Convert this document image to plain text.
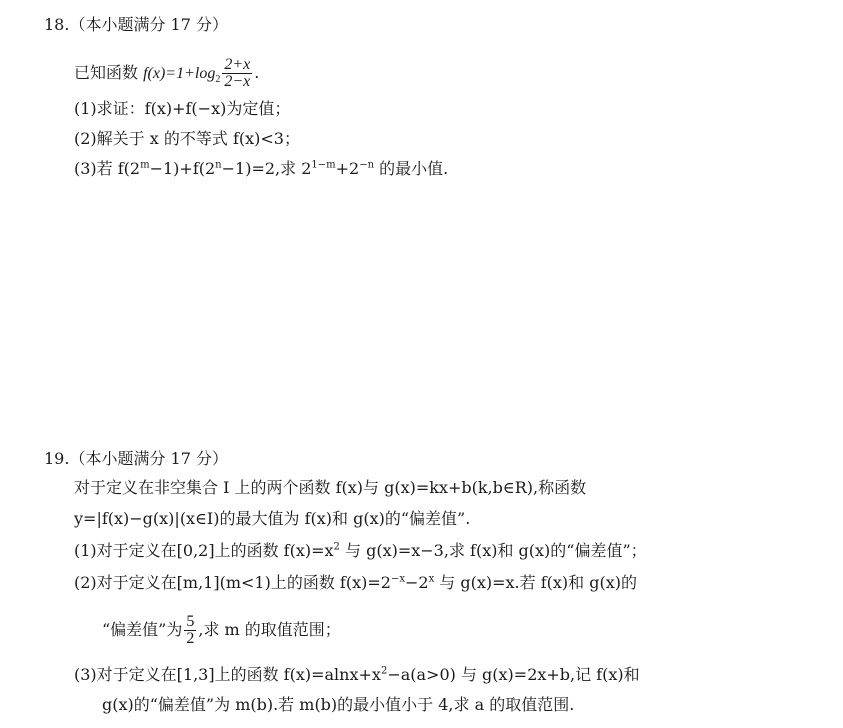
18.（本小题满分 17 分）
已知函数 $f(x)=1+\log_2 \frac{2+x}{2-x}$ .
(1)求证：f(x)+f(−x)为定值；
(2)解关于 x 的不等式 f(x)<3；
(3)若 $f(2^m-1)+f(2^n-1)=2$,求 $2^{1-m}+2^{-n}$ 的最小值.
19.（本小题满分 17 分）
对于定义在非空集合 I 上的两个函数 f(x)与 g(x)=kx+b(k,b∈R),称函数
y=|f(x)−g(x)|(x∈I)的最大值为 f(x)和 g(x)的“偏差值”.
(1)对于定义在[0,2]上的函数 $f(x)=x^2$ 与 g(x)=x−3,求 f(x)和 g(x)的“偏差值”；
(2)对于定义在[m,1](m<1)上的函数 $f(x)=2^{-x}-2^x$ 与 g(x)=x.若 f(x)和 g(x)的
“偏差值”为 $\frac{5}{2}$ ,求 m 的取值范围；
(3)对于定义在[1,3]上的函数 $f(x)=alnx+x^2-a(a>0)$ 与 g(x)=2x+b,记 f(x)和
g(x)的“偏差值”为 m(b).若 m(b)的最小值小于 4,求 a 的取值范围.
